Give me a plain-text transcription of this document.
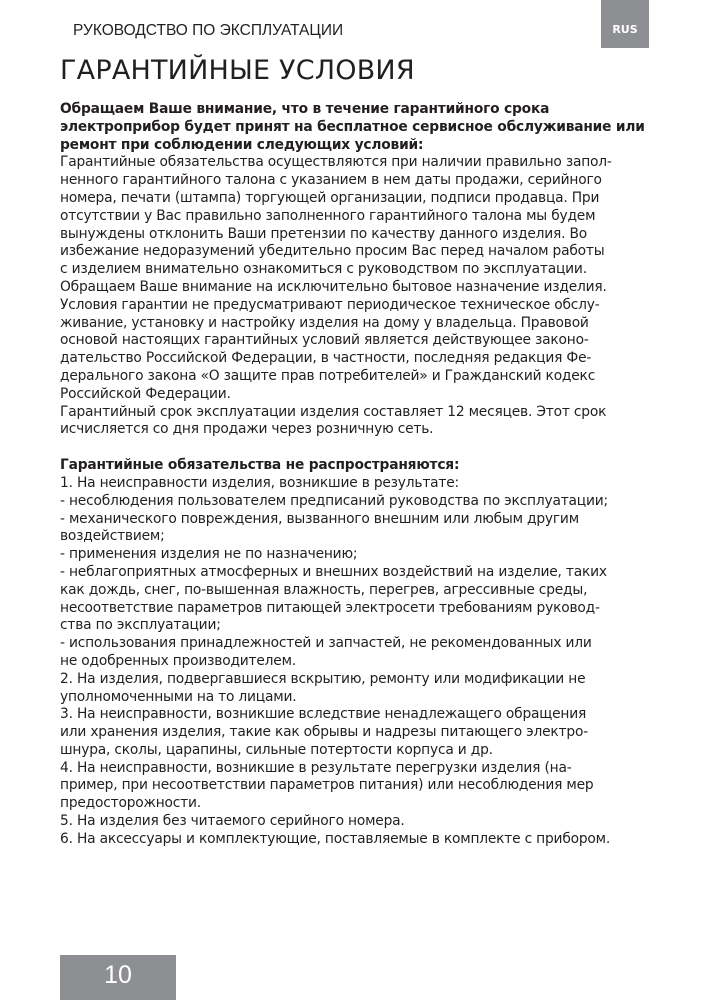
РУКОВОДСТВО ПО ЭКСПЛУАТАЦИИ	RUS
ГАРАНТИЙНЫЕ УСЛОВИЯ

Обращаем Ваше внимание, что в течение гарантийного срока электроприбор будет принят на бесплатное сервисное обслуживание или ремонт при соблюдении следующих условий:

Гарантийные обязательства осуществляются при наличии правильно запол-

ненного гарантийного талона с указанием в нем даты продажи, серийного

номера, печати (штампа) торгующей организации, подписи продавца. При

отсутствии у Вас правильно заполненного гарантийного талона мы будем

вынуждены отклонить Ваши претензии по качеству данного изделия. Во

избежание недоразумений убедительно просим Вас перед началом работы

с изделием внимательно ознакомиться с руководством по эксплуатации.

Обращаем Ваше внимание на исключительно бытовое назначение изделия.

Условия гарантии не предусматривают периодическое техническое обслу-

живание, установку и настройку изделия на дому у владельца. Правовой

основой настоящих гарантийных условий является действующее законо-

дательство Российской Федерации, в частности, последняя редакция Фе-

дерального закона «О защите прав потребителей» и Гражданский кодекс

Российской Федерации.

Гарантийный срок эксплуатации изделия составляет 12 месяцев. Этот срок

исчисляется со дня продажи через розничную сеть.

Гарантийные обязательства не распространяются:

1. На неисправности изделия, возникшие в результате:

- несоблюдения пользователем предписаний руководства по эксплуатации;

- механического повреждения, вызванного внешним или любым другим

воздействием;

- применения изделия не по назначению;

- неблагоприятных атмосферных и внешних воздействий на изделие, таких

как дождь, снег, по-вышенная влажность, перегрев, агрессивные среды,

несоответствие параметров питающей электросети требованиям руковод-

ства по эксплуатации;

- использования принадлежностей и запчастей, не рекомендованных или

не одобренных производителем.

2. На изделия, подвергавшиеся вскрытию, ремонту или модификации не

уполномоченными на то лицами.

3. На неисправности, возникшие вследствие ненадлежащего обращения

или хранения изделия, такие как обрывы и надрезы питающего электро-

шнура, сколы, царапины, сильные потертости корпуса и др.

4. На неисправности, возникшие в результате перегрузки изделия (на-

пример, при несоответствии параметров питания) или несоблюдения мер

предосторожности.

5. На изделия без читаемого серийного номера.

6. На аксессуары и комплектующие, поставляемые в комплекте с прибором.

10
